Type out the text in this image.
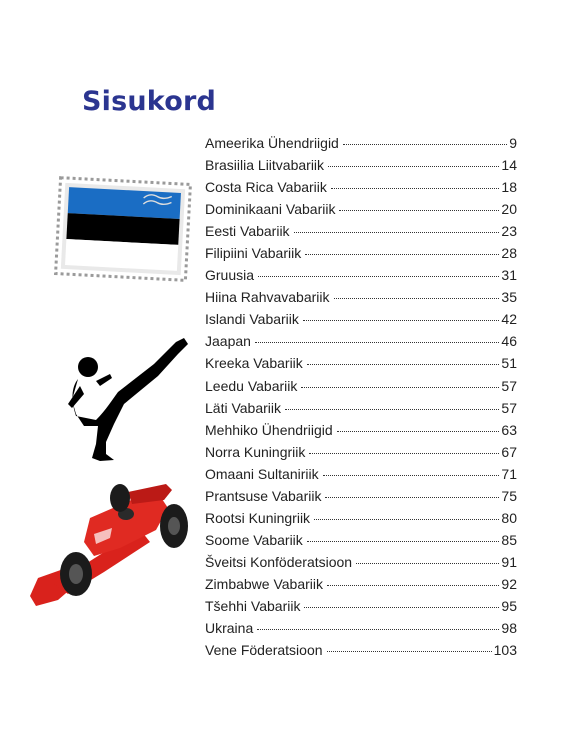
Sisukord
Ameerika Ühendriigid	9
Brasiilia Liitvabariik	14
Costa Rica Vabariik	18
Dominikaani Vabariik	20
Eesti Vabariik	23
Filipiini Vabariik	28
Gruusia	31
Hiina Rahvavabariik	35
Islandi Vabariik	42
Jaapan	46
Kreeka Vabariik	51
Leedu Vabariik	57
Läti Vabariik	57
Mehhiko Ühendriigid	63
Norra Kuningriik	67
Omaani Sultaniriik	71
Prantsuse Vabariik	75
Rootsi Kuningriik	80
Soome Vabariik	85
Šveitsi Konföderatsioon	91
Zimbabwe Vabariik	92
Tšehhi Vabariik	95
Ukraina	98
Vene Föderatsioon	103
